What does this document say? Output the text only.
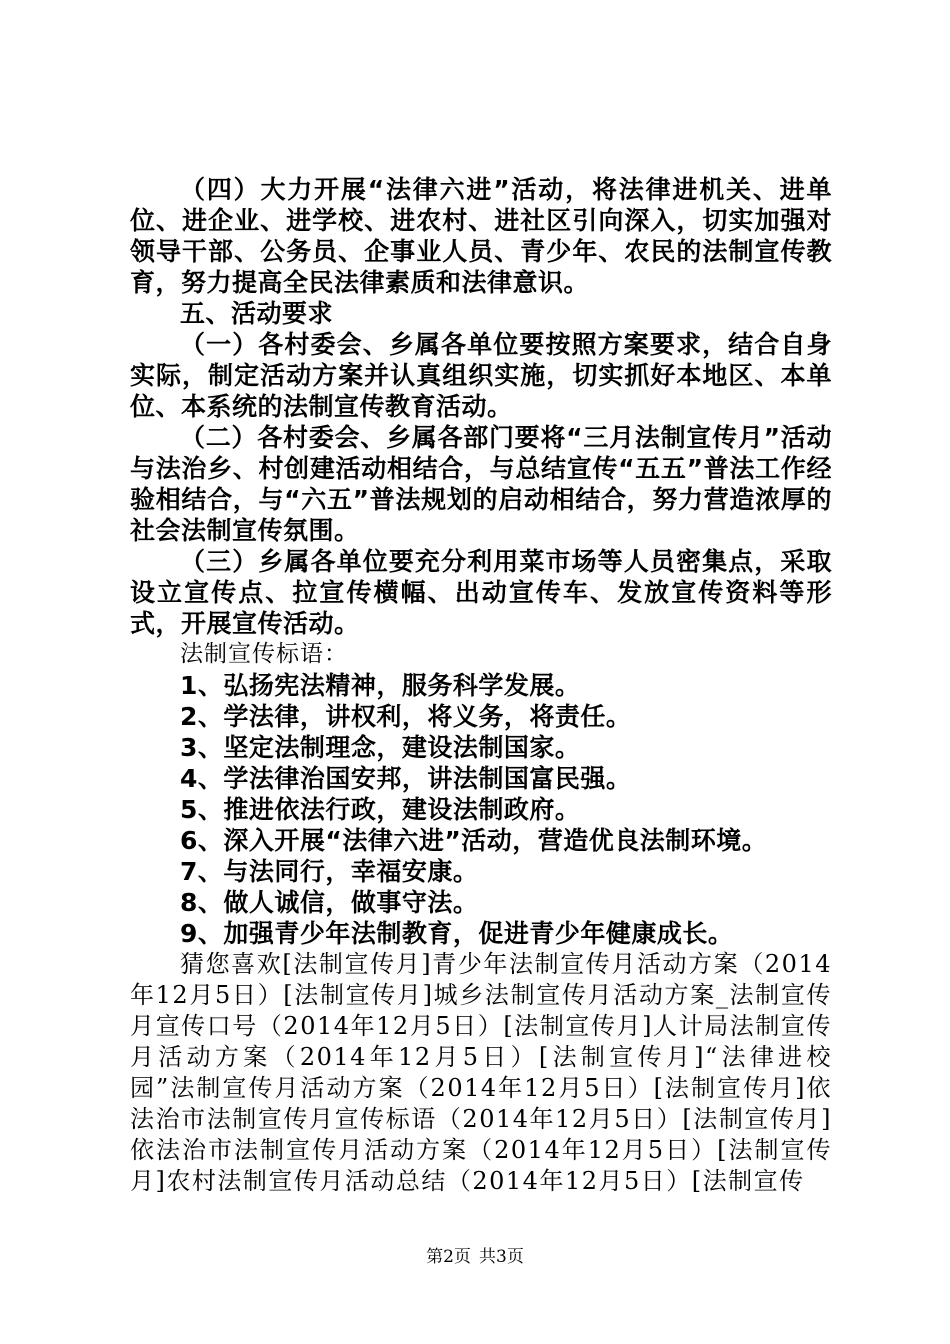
（四）大力开展“法律六进”活动，将法律进机关、进单位、进企业、进学校、进农村、进社区引向深入，切实加强对领导干部、公务员、企事业人员、青少年、农民的法制宣传教育，努力提高全民法律素质和法律意识。

五、活动要求

（一）各村委会、乡属各单位要按照方案要求，结合自身实际，制定活动方案并认真组织实施，切实抓好本地区、本单位、本系统的法制宣传教育活动。

（二）各村委会、乡属各部门要将“三月法制宣传月”活动与法治乡、村创建活动相结合，与总结宣传“五五”普法工作经验相结合，与“六五”普法规划的启动相结合，努力营造浓厚的社会法制宣传氛围。

（三）乡属各单位要充分利用菜市场等人员密集点，采取设立宣传点、拉宣传横幅、出动宣传车、发放宣传资料等形式，开展宣传活动。

法制宣传标语：

1、弘扬宪法精神，服务科学发展。

2、学法律，讲权利，将义务，将责任。

3、坚定法制理念，建设法制国家。

4、学法律治国安邦，讲法制国富民强。

5、推进依法行政，建设法制政府。

6、深入开展“法律六进”活动，营造优良法制环境。

7、与法同行，幸福安康。

8、做人诚信，做事守法。

9、加强青少年法制教育，促进青少年健康成长。

猜您喜欢[法制宣传月]青少年法制宣传月活动方案（2014年12月5日）[法制宣传月]城乡法制宣传月活动方案_法制宣传月宣传口号（2014年12月5日）[法制宣传月]人计局法制宣传月活动方案（2014年12月5日）[法制宣传月]“法律进校园”法制宣传月活动方案（2014年12月5日）[法制宣传月]依法治市法制宣传月宣传标语（2014年12月5日）[法制宣传月]依法治市法制宣传月活动方案（2014年12月5日）[法制宣传月]农村法制宣传月活动总结（2014年12月5日）[法制宣传

第2页 共3页
